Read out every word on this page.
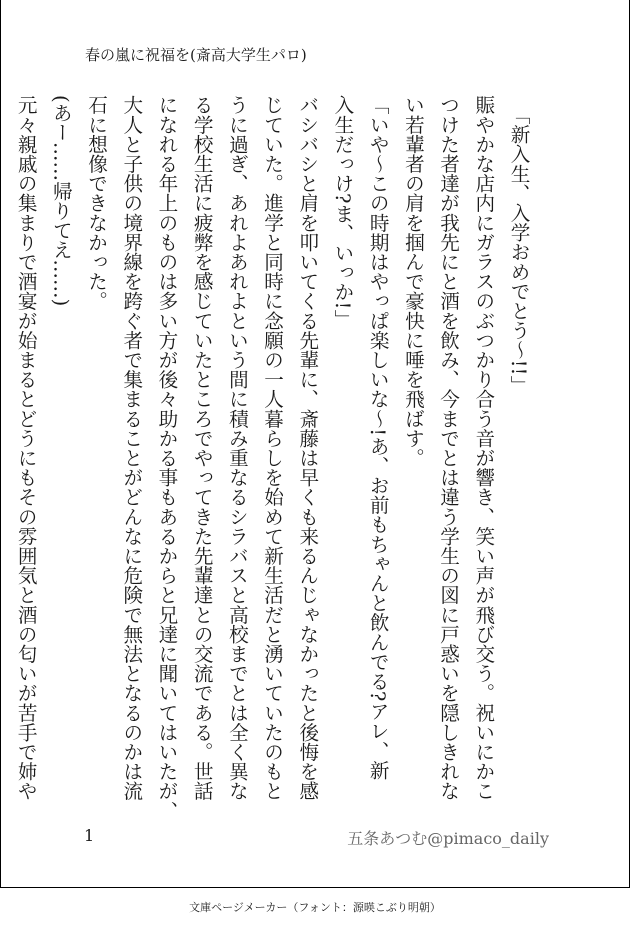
春の嵐に祝福を(斎高大学生パロ)
　「新入生、入学おめでとう〜!!」
賑やかな店内にガラスのぶつかり合う音が響き、笑い声が飛び交う。祝いにかこ
つけた者達が我先にと酒を飲み、今までとは違う学生の図に戸惑いを隠しきれな
い若輩者の肩を掴んで豪快に唾を飛ばす。
「いや〜この時期はやっぱ楽しいな〜!あ、お前もちゃんと飲んでる?アレ、新
入生だっけ?ま、いっか!」
バシバシと肩を叩いてくる先輩に、斎藤は早くも来るんじゃなかったと後悔を感
じていた。進学と同時に念願の一人暮らしを始めて新生活だと湧いていたのもと
うに過ぎ、あれよあれよという間に積み重なるシラバスと高校までとは全く異な
る学校生活に疲弊を感じていたところでやってきた先輩達との交流である。世話
になれる年上のものは多い方が後々助かる事もあるからと兄達に聞いてはいたが、
大人と子供の境界線を跨ぐ者で集まることがどんなに危険で無法となるのかは流
石に想像できなかった。
(あー……帰りてえ……)
元々親戚の集まりで酒宴が始まるとどうにもその雰囲気と酒の匂いが苦手で姉や
1	五条あつむ@pimaco_daily
文庫ページメーカー（フォント：源暎こぶり明朝）
